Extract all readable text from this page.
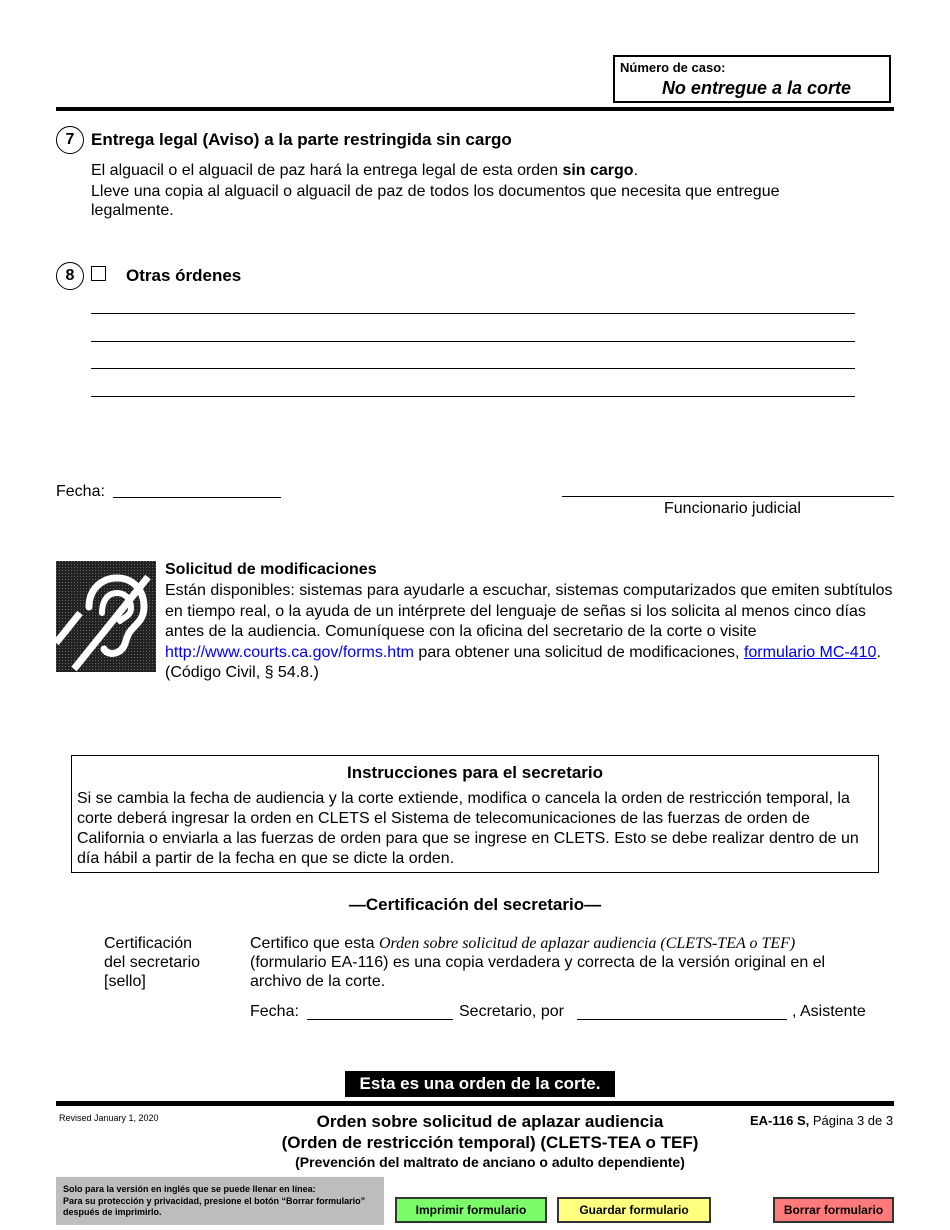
Número de caso:
No entregue a la corte
7 Entrega legal (Aviso) a la parte restringida sin cargo
El alguacil o el alguacil de paz hará la entrega legal de esta orden sin cargo.
Lleve una copia al alguacil o alguacil de paz de todos los documentos que necesita que entregue legalmente.
8	Otras órdenes
Fecha:
Funcionario judicial
Solicitud de modificaciones
Están disponibles: sistemas para ayudarle a escuchar, sistemas computarizados que emiten subtítulos en tiempo real, o la ayuda de un intérprete del lenguaje de señas si los solicita al menos cinco días antes de la audiencia. Comuníquese con la oficina del secretario de la corte o visite http://www.courts.ca.gov/forms.htm para obtener una solicitud de modificaciones, formulario MC-410. (Código Civil, § 54.8.)
Instrucciones para el secretario
Si se cambia la fecha de audiencia y la corte extiende, modifica o cancela la orden de restricción temporal, la corte deberá ingresar la orden en CLETS el Sistema de telecomunicaciones de las fuerzas de orden de California o enviarla a las fuerzas de orden para que se ingrese en CLETS. Esto se debe realizar dentro de un día hábil a partir de la fecha en que se dicte la orden.
—Certificación del secretario—
Certificación
del secretario
[sello]
Certifico que esta Orden sobre solicitud de aplazar audiencia (CLETS-TEA o TEF) (formulario EA-116) es una copia verdadera y correcta de la versión original en el archivo de la corte.
Fecha:	Secretario, por	, Asistente
Esta es una orden de la corte.
Revised January 1, 2020	Orden sobre solicitud de aplazar audiencia
(Orden de restricción temporal) (CLETS-TEA o TEF)
(Prevención del maltrato de anciano o adulto dependiente)
EA-116 S, Página 3 de 3
Solo para la versión en inglés que se puede llenar en línea:
Para su protección y privacidad, presione el botón “Borrar formulario”
después de imprimirlo.	Imprimir formulario	Guardar formulario	Borrar formulario
